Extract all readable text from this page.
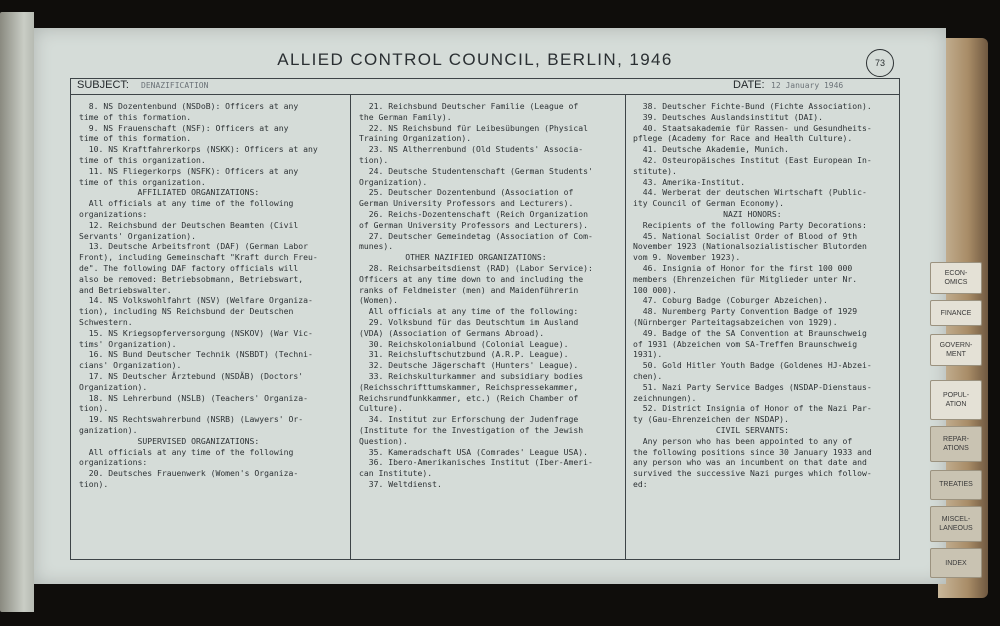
ALLIED CONTROL COUNCIL, BERLIN, 1946	73
SUBJECT: DENAZIFICATION	DATE: 12 January 1946
8. NS Dozentenbund (NSDoB): Officers at any
time of this formation.
9. NS Frauenschaft (NSF): Officers at any
time of this formation.
10. NS Kraftfahrerkorps (NSKK): Officers at any
time of this organization.
11. NS Fliegerkorps (NSFK): Officers at any
time of this organization.
AFFILIATED ORGANIZATIONS:
All officials at any time of the following
organizations:
12. Reichsbund der Deutschen Beamten (Civil
Servants' Organization).
13. Deutsche Arbeitsfront (DAF) (German Labor
Front), including Gemeinschaft "Kraft durch Freu-
de". The following DAF factory officials will
also be removed: Betriebsobmann, Betriebswart,
and Betriebswalter.
14. NS Volkswohlfahrt (NSV) (Welfare Organiza-
tion), including NS Reichsbund der Deutschen
Schwestern.
15. NS Kriegsopferversorgung (NSKOV) (War Vic-
tims' Organization).
16. NS Bund Deutscher Technik (NSBDT) (Techni-
cians' Organization).
17. NS Deutscher Ärztebund (NSDÄB) (Doctors'
Organization).
18. NS Lehrerbund (NSLB) (Teachers' Organiza-
tion).
19. NS Rechtswahrerbund (NSRB) (Lawyers' Or-
ganization).
SUPERVISED ORGANIZATIONS:
All officials at any time of the following
organizations:
20. Deutsches Frauenwerk (Women's Organiza-
tion).
21. Reichsbund Deutscher Familie (League of
the German Family).
22. NS Reichsbund für Leibesübungen (Physical
Training Organization).
23. NS Altherrenbund (Old Students' Associa-
tion).
24. Deutsche Studentenschaft (German Students'
Organization).
25. Deutscher Dozentenbund (Association of
German University Professors and Lecturers).
26. Reichs-Dozentenschaft (Reich Organization
of German University Professors and Lecturers).
27. Deutscher Gemeindetag (Association of Com-
munes).
OTHER NAZIFIED ORGANIZATIONS:
28. Reichsarbeitsdienst (RAD) (Labor Service):
Officers at any time down to and including the
ranks of Feldmeister (men) and Maidenführerin
(Women).
All officials at any time of the following:
29. Volksbund für das Deutschtum im Ausland
(VDA) (Association of Germans Abroad).
30. Reichskolonialbund (Colonial League).
31. Reichsluftschutzbund (A.R.P. League).
32. Deutsche Jägerschaft (Hunters' League).
33. Reichskulturkammer and subsidiary bodies
(Reichsschrifttumskammer, Reichspressekammer,
Reichsrundfunkkammer, etc.) (Reich Chamber of
Culture).
34. Institut zur Erforschung der Judenfrage
(Institute for the Investigation of the Jewish
Question).
35. Kameradschaft USA (Comrades' League USA).
36. Ibero-Amerikanisches Institut (Iber-Ameri-
can Institute).
37. Weltdienst.
38. Deutscher Fichte-Bund (Fichte Association).
39. Deutsches Auslandsinstitut (DAI).
40. Staatsakademie für Rassen- und Gesundheits-
pflege (Academy for Race and Health Culture).
41. Deutsche Akademie, Munich.
42. Osteuropäisches Institut (East European In-
stitute).
43. Amerika-Institut.
44. Werberat der deutschen Wirtschaft (Public-
ity Council of German Economy).
NAZI HONORS:
Recipients of the following Party Decorations:
45. National Socialist Order of Blood of 9th
November 1923 (Nationalsozialistischer Blutorden
vom 9. November 1923).
46. Insignia of Honor for the first 100 000
members (Ehrenzeichen für Mitglieder unter Nr.
100 000).
47. Coburg Badge (Coburger Abzeichen).
48. Nuremberg Party Convention Badge of 1929
(Nürnberger Parteitagsabzeichen von 1929).
49. Badge of the SA Convention at Braunschweig
of 1931 (Abzeichen vom SA-Treffen Braunschweig
1931).
50. Gold Hitler Youth Badge (Goldenes HJ-Abzei-
chen).
51. Nazi Party Service Badges (NSDAP-Dienstaus-
zeichnungen).
52. District Insignia of Honor of the Nazi Par-
ty (Gau-Ehrenzeichen der NSDAP).
CIVIL SERVANTS:
Any person who has been appointed to any of
the following positions since 30 January 1933 and
any person who was an incumbent on that date and
survived the successive Nazi purges which follow-
ed:
ECON-
OMICS
FINANCE
GOVERN-
MENT
POPUL-
ATION
REPAR-
ATIONS
TREATIES
MISCEL-
LANEOUS
INDEX
